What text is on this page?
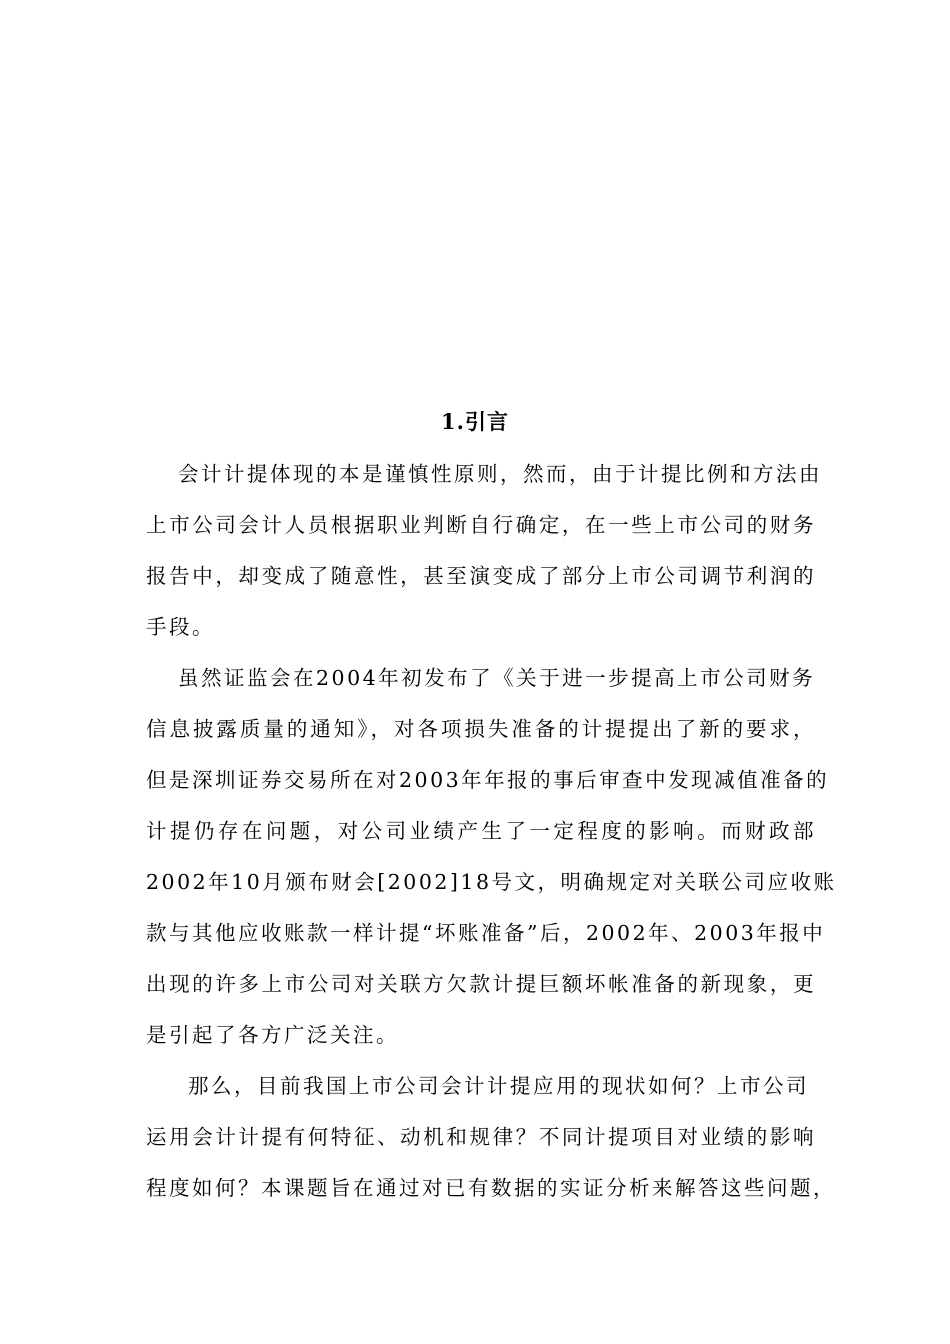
1.引言
会计计提体现的本是谨慎性原则，然而，由于计提比例和方法由
上市公司会计人员根据职业判断自行确定，在一些上市公司的财务
报告中，却变成了随意性，甚至演变成了部分上市公司调节利润的
手段。
虽然证监会在2004年初发布了《关于进一步提高上市公司财务
信息披露质量的通知》，对各项损失准备的计提提出了新的要求，
但是深圳证券交易所在对2003年年报的事后审查中发现减值准备的
计提仍存在问题，对公司业绩产生了一定程度的影响。而财政部
2002年10月颁布财会[2002]18号文，明确规定对关联公司应收账
款与其他应收账款一样计提“坏账准备”后，2002年、2003年报中
出现的许多上市公司对关联方欠款计提巨额坏帐准备的新现象，更
是引起了各方广泛关注。
那么，目前我国上市公司会计计提应用的现状如何？上市公司
运用会计计提有何特征、动机和规律？不同计提项目对业绩的影响
程度如何？本课题旨在通过对已有数据的实证分析来解答这些问题，
